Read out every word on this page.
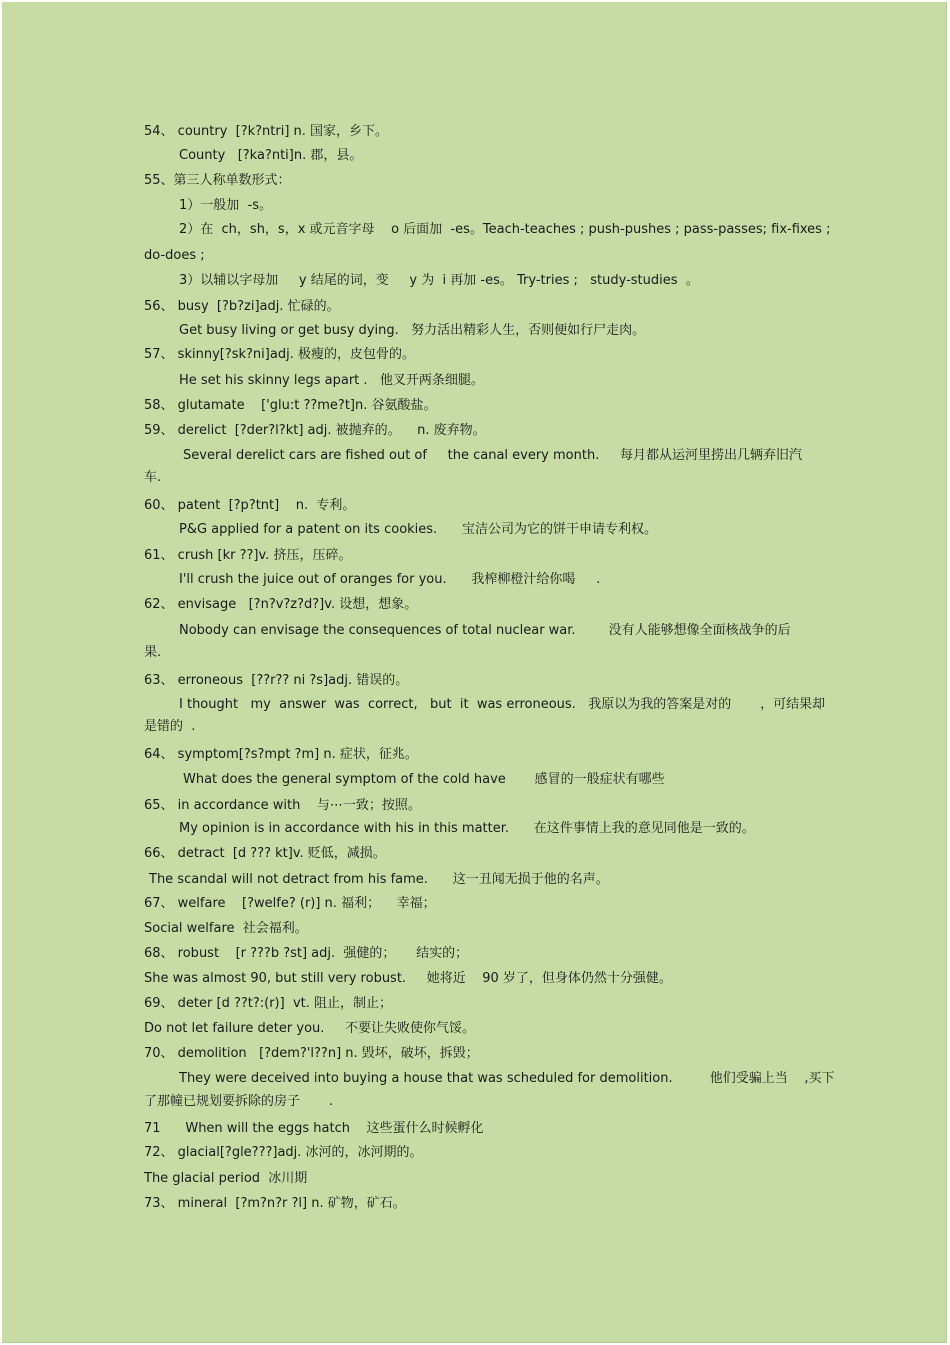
54、 country  [?k?ntri] n. 国家，乡下。
County   [?ka?nti]n. 郡，县。
55、第三人称单数形式：
1）一般加  -s。
2）在  ch，sh，s，x 或元音字母    o 后面加  -es。Teach-teaches ; push-pushes ; pass-passes; fix-fixes ;
do-does ;
3）以辅以字母加     y 结尾的词，变     y 为  i 再加 -es。 Try-tries ;   study-studies  。
56、 busy  [?b?zi]adj. 忙碌的。
Get busy living or get busy dying.   努力活出精彩人生，否则便如行尸走肉。
57、 skinny[?sk?ni]adj. 极瘦的，皮包骨的。
He set his skinny legs apart .   他叉开两条细腿。
58、 glutamate    ['glu:t ??me?t]n. 谷氨酸盐。
59、 derelict  [?der?l?kt] adj. 被抛弃的。    n. 废弃物。
Several derelict cars are fished out of     the canal every month.     每月都从运河里捞出几辆弃旧汽
车.
60、 patent  [?p?tnt]    n.  专利。
P&G applied for a patent on its cookies.      宝洁公司为它的饼干申请专利权。
61、 crush [kr ??]v. 挤压，压碎。
I'll crush the juice out of oranges for you.      我榨柳橙汁给你喝     .
62、 envisage   [?n?v?z?d?]v. 设想，想象。
Nobody can envisage the consequences of total nuclear war.        没有人能够想像全面核战争的后
果.
63、 erroneous  [??r?? ni ?s]adj. 错误的。
I thought   my  answer  was  correct,   but  it  was erroneous.   我原以为我的答案是对的       ，可结果却
是错的  .
64、 symptom[?s?mpt ?m] n. 症状，征兆。
What does the general symptom of the cold have       感冒的一般症状有哪些
65、 in accordance with    与⋯一致；按照。
My opinion is in accordance with his in this matter.      在这件事情上我的意见同他是一致的。
66、 detract  [d ??? kt]v. 贬低，减损。
The scandal will not detract from his fame.      这一丑闻无损于他的名声。
67、 welfare    [?welfe? (r)] n. 福利；    幸福；
Social welfare  社会福利。
68、 robust    [r ???b ?st] adj.  强健的；     结实的；
She was almost 90, but still very robust.     她将近    90 岁了，但身体仍然十分强健。
69、 deter [d ??t?:(r)]  vt. 阻止，制止；
Do not let failure deter you.     不要让失败使你气馁。
70、 demolition   [?dem?'l??n] n. 毁坏，破坏，拆毁；
They were deceived into buying a house that was scheduled for demolition.         他们受骗上当    ,买下
了那幢已规划要拆除的房子       .
71      When will the eggs hatch    这些蛋什么时候孵化
72、 glacial[?gle???]adj. 冰河的，冰河期的。
The glacial period  冰川期
73、 mineral  [?m?n?r ?l] n. 矿物，矿石。
